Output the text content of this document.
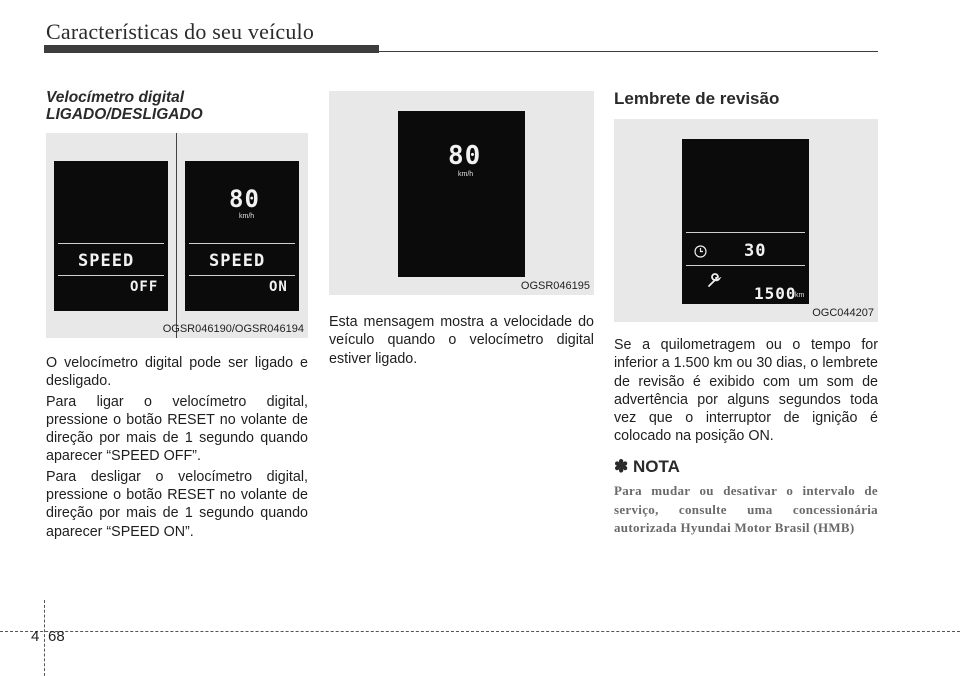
Características do seu veículo
Velocímetro digital
LIGADO/DESLIGADO
SPEED
OFF
80
km/h
SPEED
ON
OGSR046190/OGSR046194

O velocímetro digital pode ser ligado e desligado.

Para ligar o velocímetro digital, pressione o botão RESET no volante de direção por mais de 1 segundo quando aparecer “SPEED OFF”.

Para desligar o velocímetro digital, pressione o botão RESET no volante de direção por mais de 1 segundo quando aparecer “SPEED ON”.

80
km/h
OGSR046195

Esta mensagem mostra a velocidade do veículo quando o velocímetro digital estiver ligado.

Lembrete de revisão
30
1500
km
OGC044207

Se a quilometragem ou o tempo for inferior a 1.500 km ou 30 dias, o lembrete de revisão é exibido com um som de advertência por alguns segundos toda vez que o interruptor de ignição é colocado na posição ON.

✽ NOTA
Para mudar ou desativar o intervalo de serviço, consulte uma concessionária autorizada Hyundai Motor Brasil (HMB)
4 68
